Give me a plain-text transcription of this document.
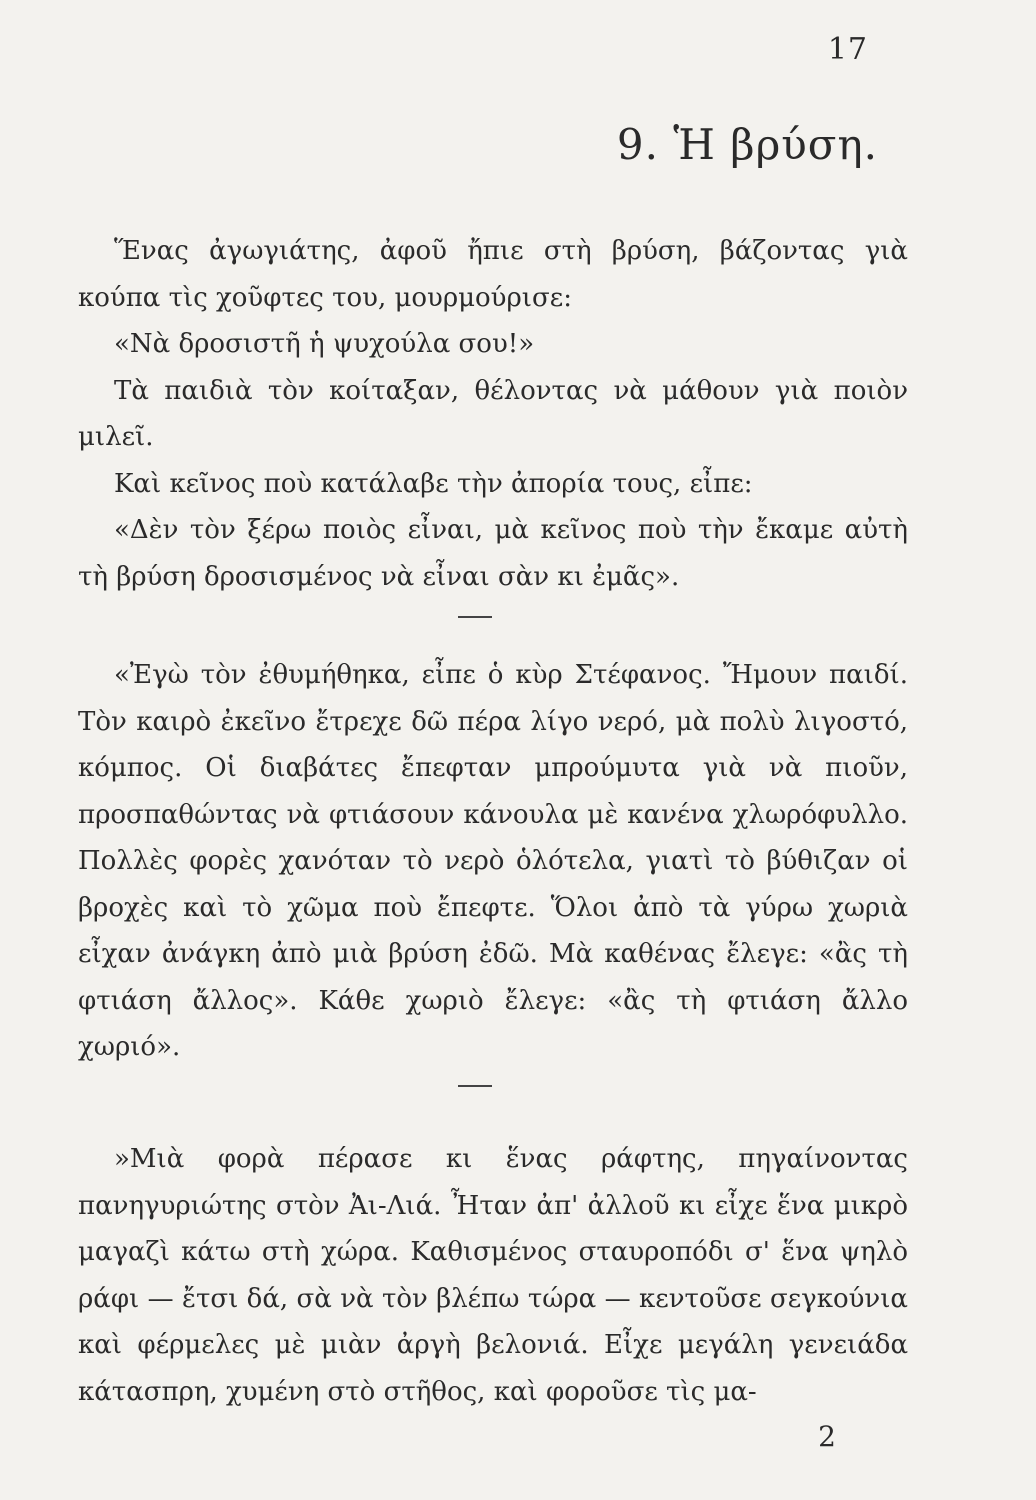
17
9. Ἡ βρύση.

Ἕνας ἀγωγιάτης, ἀφοῦ ἤπιε στὴ βρύση, βάζοντας γιὰ κούπα τὶς χοῦφτες του, μουρμούρισε:

«Νὰ δροσιστῆ ἡ ψυχούλα σου!»

Τὰ παιδιὰ τὸν κοίταξαν, θέλοντας νὰ μάθουν γιὰ ποιὸν μιλεῖ.

Καὶ κεῖνος ποὺ κατάλαβε τὴν ἀπορία τους, εἶπε:

«Δὲν τὸν ξέρω ποιὸς εἶναι, μὰ κεῖνος ποὺ τὴν ἔκαμε αὐτὴ τὴ βρύση δροσισμένος νὰ εἶναι σὰν κι ἐμᾶς».

«Ἐγὼ τὸν ἐθυμήθηκα, εἶπε ὁ κὺρ Στέφανος. Ἤμουν παιδί. Τὸν καιρὸ ἐκεῖνο ἔτρεχε δῶ πέρα λίγο νερό, μὰ πολὺ λιγοστό, κόμπος. Οἱ διαβάτες ἔπεφταν μπρούμυτα γιὰ νὰ πιοῦν, προσπαθώντας νὰ φτιάσουν κάνουλα μὲ κανένα χλωρόφυλλο. Πολλὲς φορὲς χανόταν τὸ νερὸ ὁλότελα, γιατὶ τὸ βύθιζαν οἱ βροχὲς καὶ τὸ χῶμα ποὺ ἔπεφτε. Ὅλοι ἀπὸ τὰ γύρω χωριὰ εἶχαν ἀνάγκη ἀπὸ μιὰ βρύση ἐδῶ. Μὰ καθένας ἔλεγε: «ἂς τὴ φτιάση ἄλλος». Κάθε χωριὸ ἔλεγε: «ἂς τὴ φτιάση ἄλλο χωριό».

»Μιὰ φορὰ πέρασε κι ἕνας ράφτης, πηγαίνοντας πανηγυριώτης στὸν Ἀι-Λιά. Ἦταν ἀπ' ἀλλοῦ κι εἶχε ἕνα μικρὸ μαγαζὶ κάτω στὴ χώρα. Καθισμένος σταυροπόδι σ' ἕνα ψηλὸ ράφι — ἔτσι δά, σὰ νὰ τὸν βλέπω τώρα — κεντοῦσε σεγκούνια καὶ φέρμελες μὲ μιὰν ἀργὴ βελονιά. Εἶχε μεγάλη γενειάδα κάτασπρη, χυμένη στὸ στῆθος, καὶ φοροῦσε τὶς μα-

2
